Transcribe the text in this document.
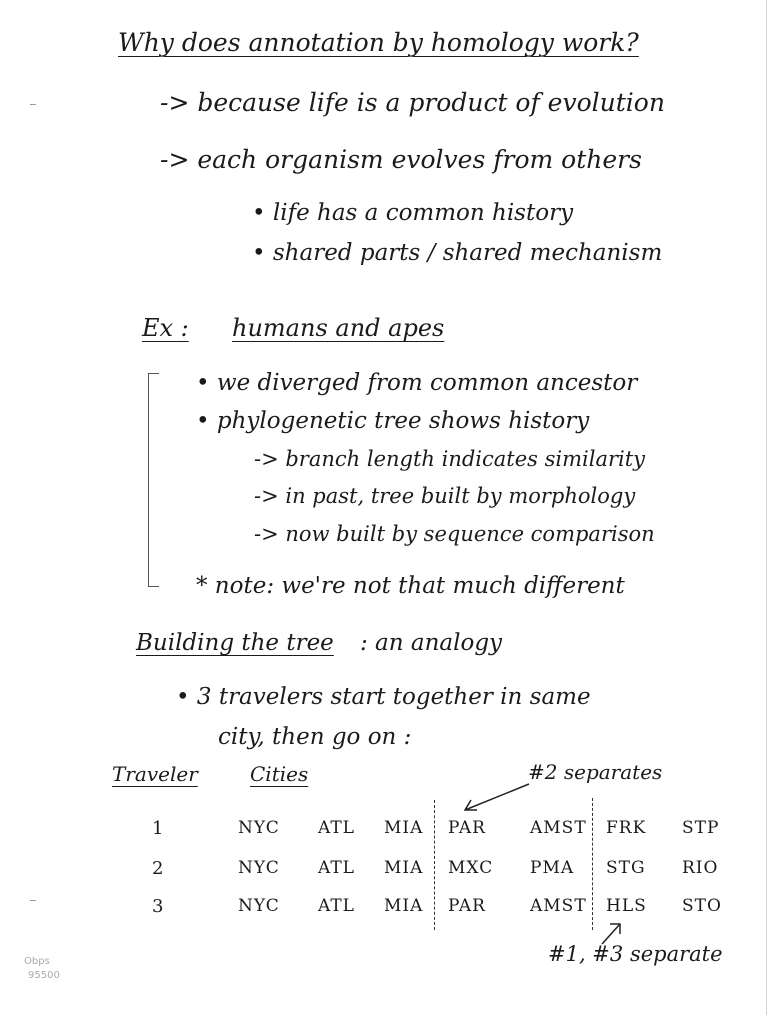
Why does annotation by homology work?
-> because life is a product of evolution
-> each organism evolves from others
• life has a common history
• shared parts / shared mechanism
Ex : humans and apes
• we diverged from common ancestor
• phylogenetic tree shows history
-> branch length indicates similarity
-> in past, tree built by morphology
-> now built by sequence comparison
* note: we're not that much different
Building the tree : an analogy
• 3 travelers start together in same
city, then go on :
Traveler	Cities	#2 separates
1	NYC ATL MIA PAR	AMST FRK STP
2	NYC ATL MIA MXC PMA STG RIO
3	NYC ATL MIA PAR	AMST HLS STO
#1, #3 separate
Obps
95500
